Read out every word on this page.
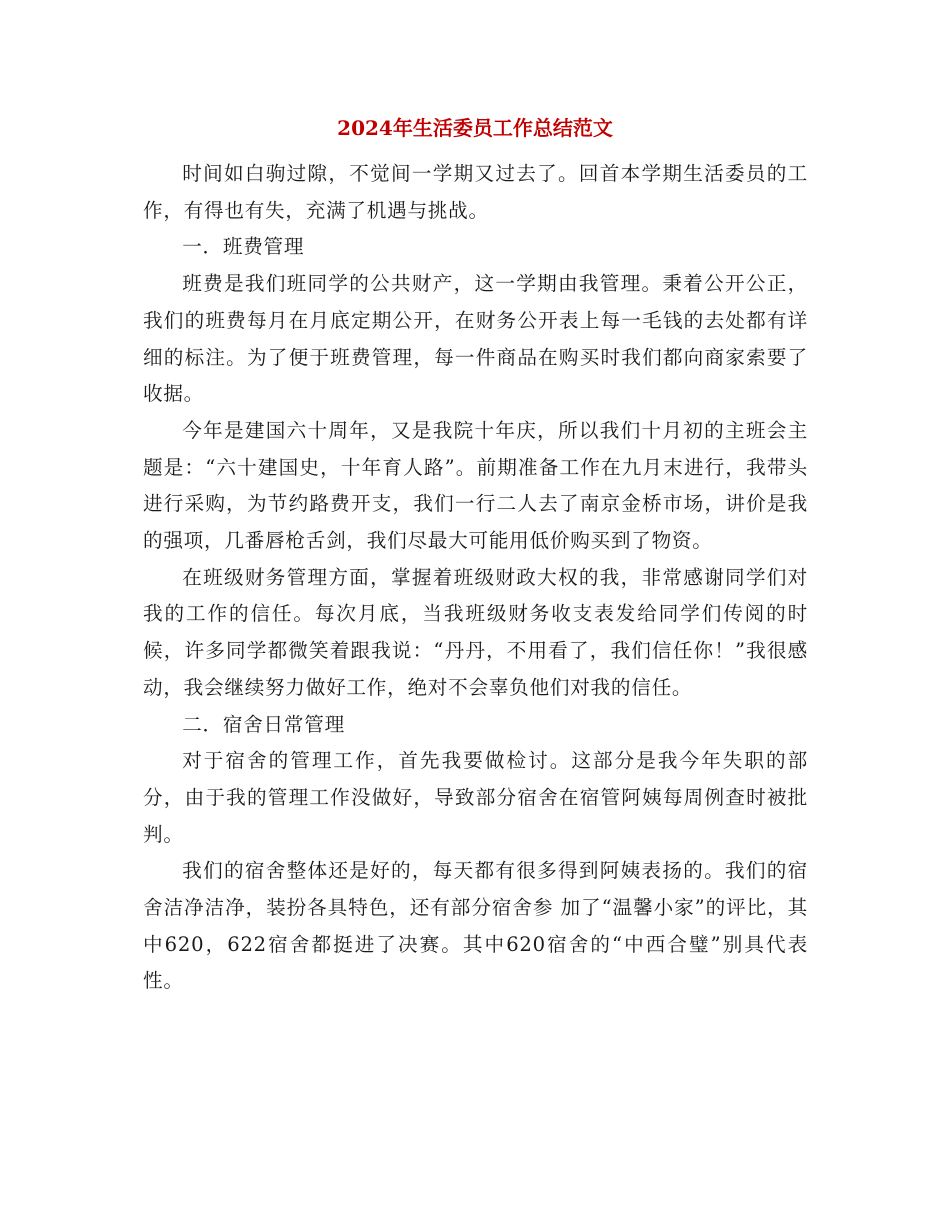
2024年生活委员工作总结范文

时间如白驹过隙，不觉间一学期又过去了。回首本学期生活委员的工作，有得也有失，充满了机遇与挑战。

一．班费管理

班费是我们班同学的公共财产，这一学期由我管理。秉着公开公正，我们的班费每月在月底定期公开，在财务公开表上每一毛钱的去处都有详细的标注。为了便于班费管理，每一件商品在购买时我们都向商家索要了收据。

今年是建国六十周年，又是我院十年庆，所以我们十月初的主班会主题是：“六十建国史，十年育人路”。前期准备工作在九月末进行，我带头进行采购，为节约路费开支，我们一行二人去了南京金桥市场，讲价是我的强项，几番唇枪舌剑，我们尽最大可能用低价购买到了物资。

在班级财务管理方面，掌握着班级财政大权的我，非常感谢同学们对我的工作的信任。每次月底，当我班级财务收支表发给同学们传阅的时候，许多同学都微笑着跟我说：“丹丹，不用看了，我们信任你！”我很感动，我会继续努力做好工作，绝对不会辜负他们对我的信任。

二．宿舍日常管理

对于宿舍的管理工作，首先我要做检讨。这部分是我今年失职的部分，由于我的管理工作没做好，导致部分宿舍在宿管阿姨每周例查时被批判。

我们的宿舍整体还是好的，每天都有很多得到阿姨表扬的。我们的宿舍洁净洁净，装扮各具特色，还有部分宿舍参 加了“温馨小家”的评比，其中620，622宿舍都挺进了决赛。其中620宿舍的“中西合璧”别具代表性。
